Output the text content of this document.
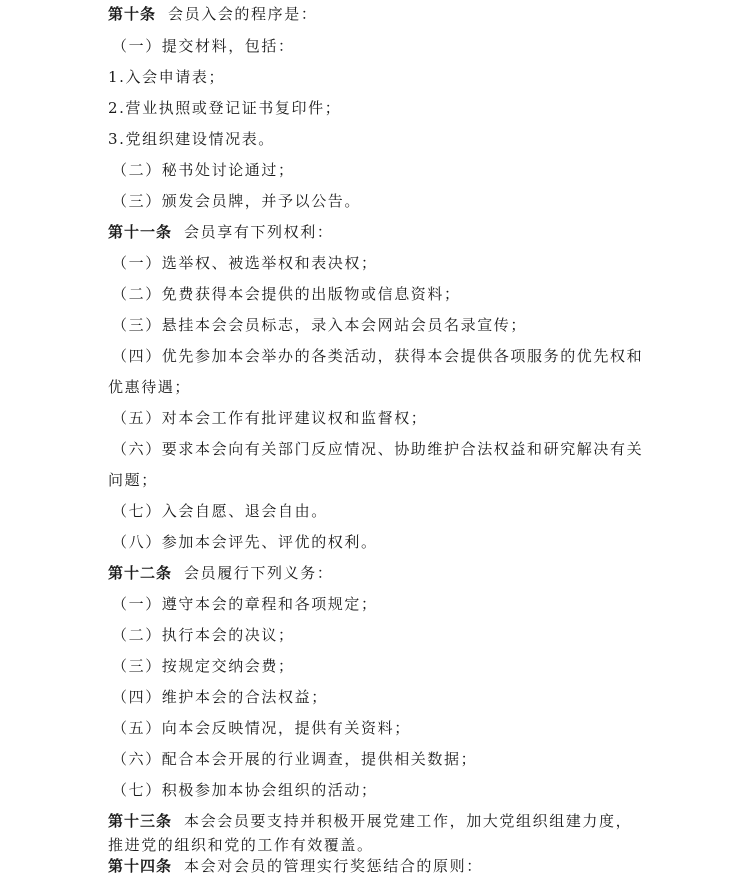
第十条 会员入会的程序是：
（一）提交材料，包括：
1.入会申请表；
2.营业执照或登记证书复印件；
3.党组织建设情况表。
（二）秘书处讨论通过；
（三）颁发会员牌，并予以公告。
第十一条 会员享有下列权利：
（一）选举权、被选举权和表决权；
（二）免费获得本会提供的出版物或信息资料；
（三）悬挂本会会员标志，录入本会网站会员名录宣传；
（四）优先参加本会举办的各类活动，获得本会提供各项服务的优先权和
优惠待遇；
（五）对本会工作有批评建议权和监督权；
（六）要求本会向有关部门反应情况、协助维护合法权益和研究解决有关
问题；
（七）入会自愿、退会自由。
（八）参加本会评先、评优的权利。
第十二条 会员履行下列义务：
（一）遵守本会的章程和各项规定；
（二）执行本会的决议；
（三）按规定交纳会费；
（四）维护本会的合法权益；
（五）向本会反映情况，提供有关资料；
（六）配合本会开展的行业调查，提供相关数据；
（七）积极参加本协会组织的活动；
第十三条 本会会员要支持并积极开展党建工作，加大党组织组建力度，
推进党的组织和党的工作有效覆盖。
第十四条 本会对会员的管理实行奖惩结合的原则：
